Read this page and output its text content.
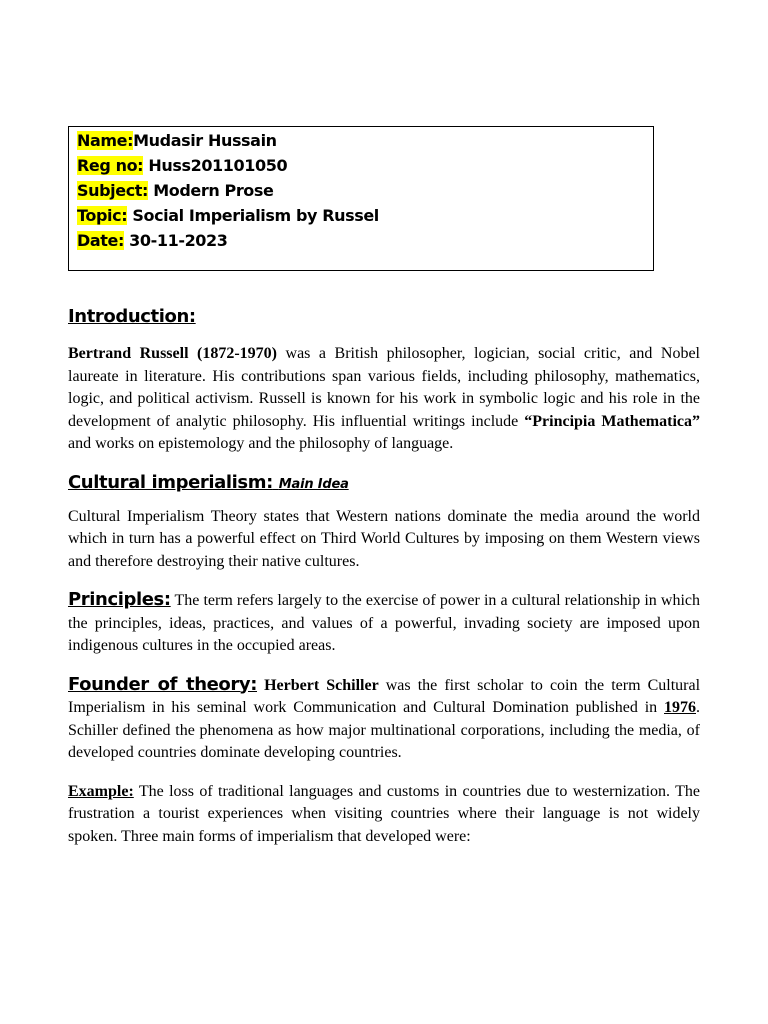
Name:Mudasir Hussain
Reg no: Huss201101050
Subject: Modern Prose
Topic: Social Imperialism by Russel
Date: 30-11-2023
Introduction:

Bertrand Russell (1872-1970) was a British philosopher, logician, social critic, and Nobel laureate in literature. His contributions span various fields, including philosophy, mathematics, logic, and political activism. Russell is known for his work in symbolic logic and his role in the development of analytic philosophy. His influential writings include “Principia Mathematica” and works on epistemology and the philosophy of language.

Cultural imperialism: Main Idea

Cultural Imperialism Theory states that Western nations dominate the media around the world which in turn has a powerful effect on Third World Cultures by imposing on them Western views and therefore destroying their native cultures.

Principles: The term refers largely to the exercise of power in a cultural relationship in which the principles, ideas, practices, and values of a powerful, invading society are imposed upon indigenous cultures in the occupied areas.

Founder of theory: Herbert Schiller was the first scholar to coin the term Cultural Imperialism in his seminal work Communication and Cultural Domination published in 1976. Schiller defined the phenomena as how major multinational corporations, including the media, of developed countries dominate developing countries.

Example: The loss of traditional languages and customs in countries due to westernization. The frustration a tourist experiences when visiting countries where their language is not widely spoken. Three main forms of imperialism that developed were:
